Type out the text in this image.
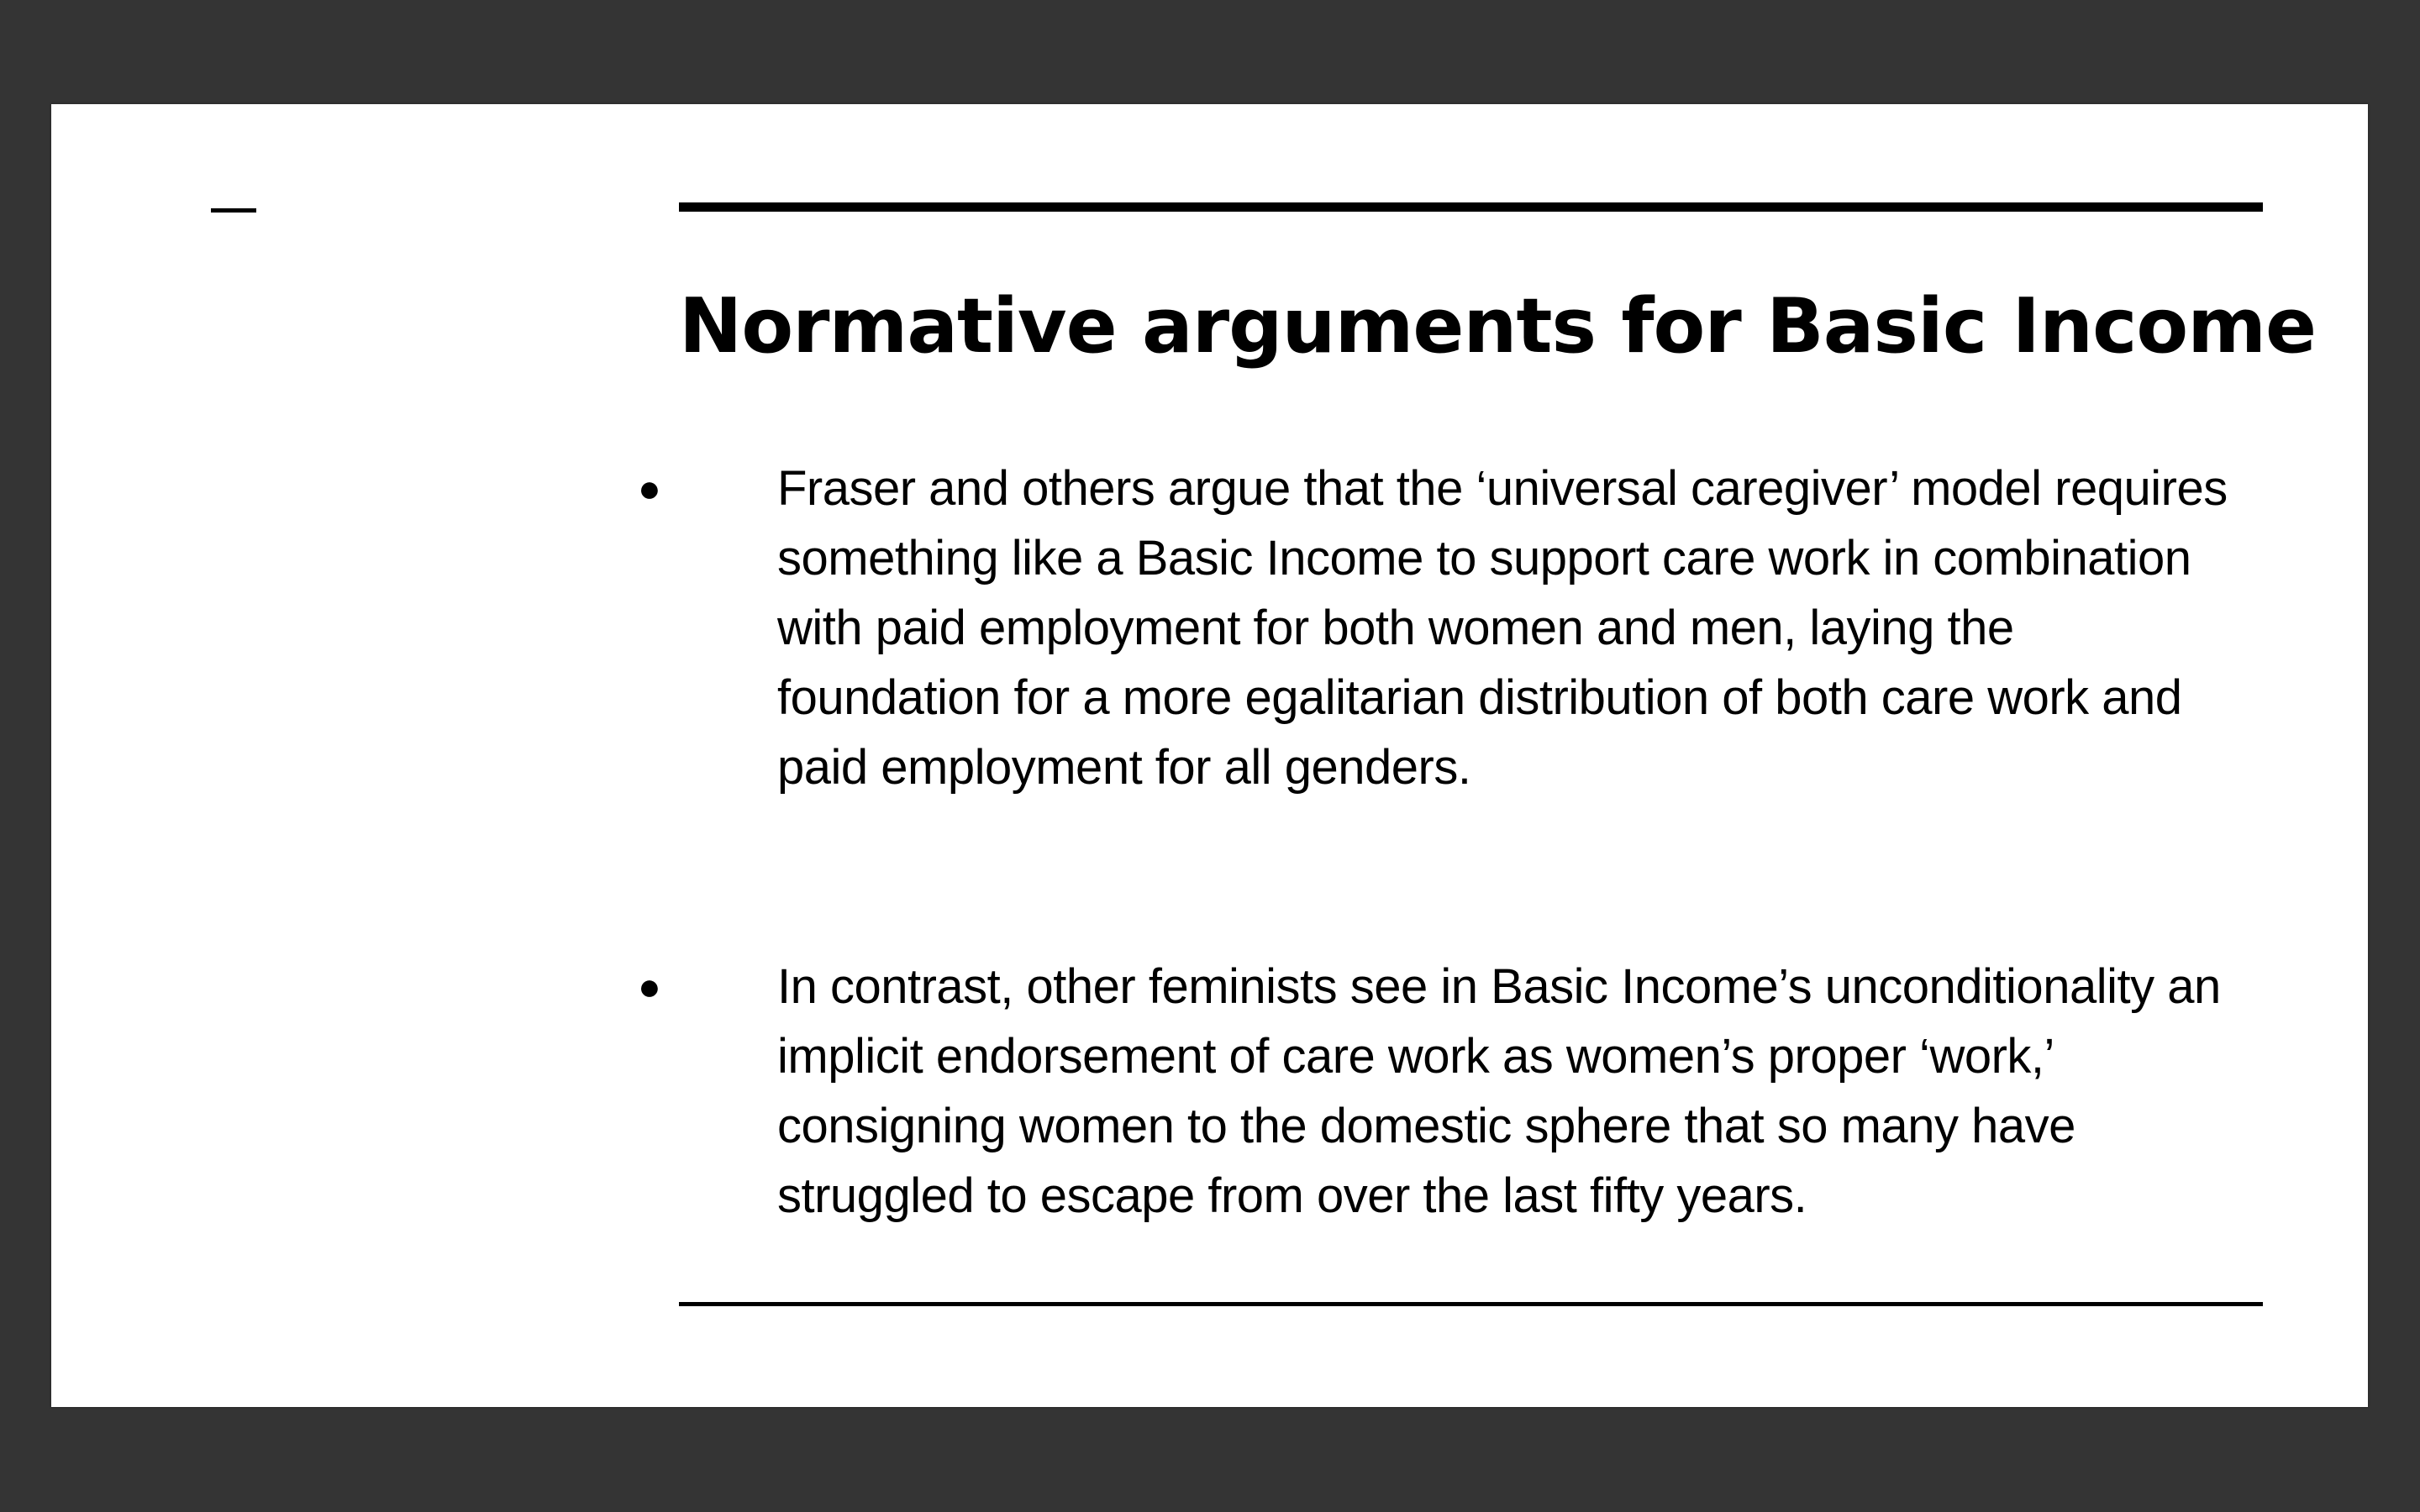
Normative arguments for Basic Income
● Fraser and others argue that the ‘universal caregiver’ model requires something like a Basic Income to support care work in combination with paid employment for both women and men, laying the foundation for a more egalitarian distribution of both care work and paid employment for all genders.

● In contrast, other feminists see in Basic Income’s unconditionality an implicit endorsement of care work as women’s proper ‘work,’ consigning women to the domestic sphere that so many have struggled to escape from over the last fifty years.
